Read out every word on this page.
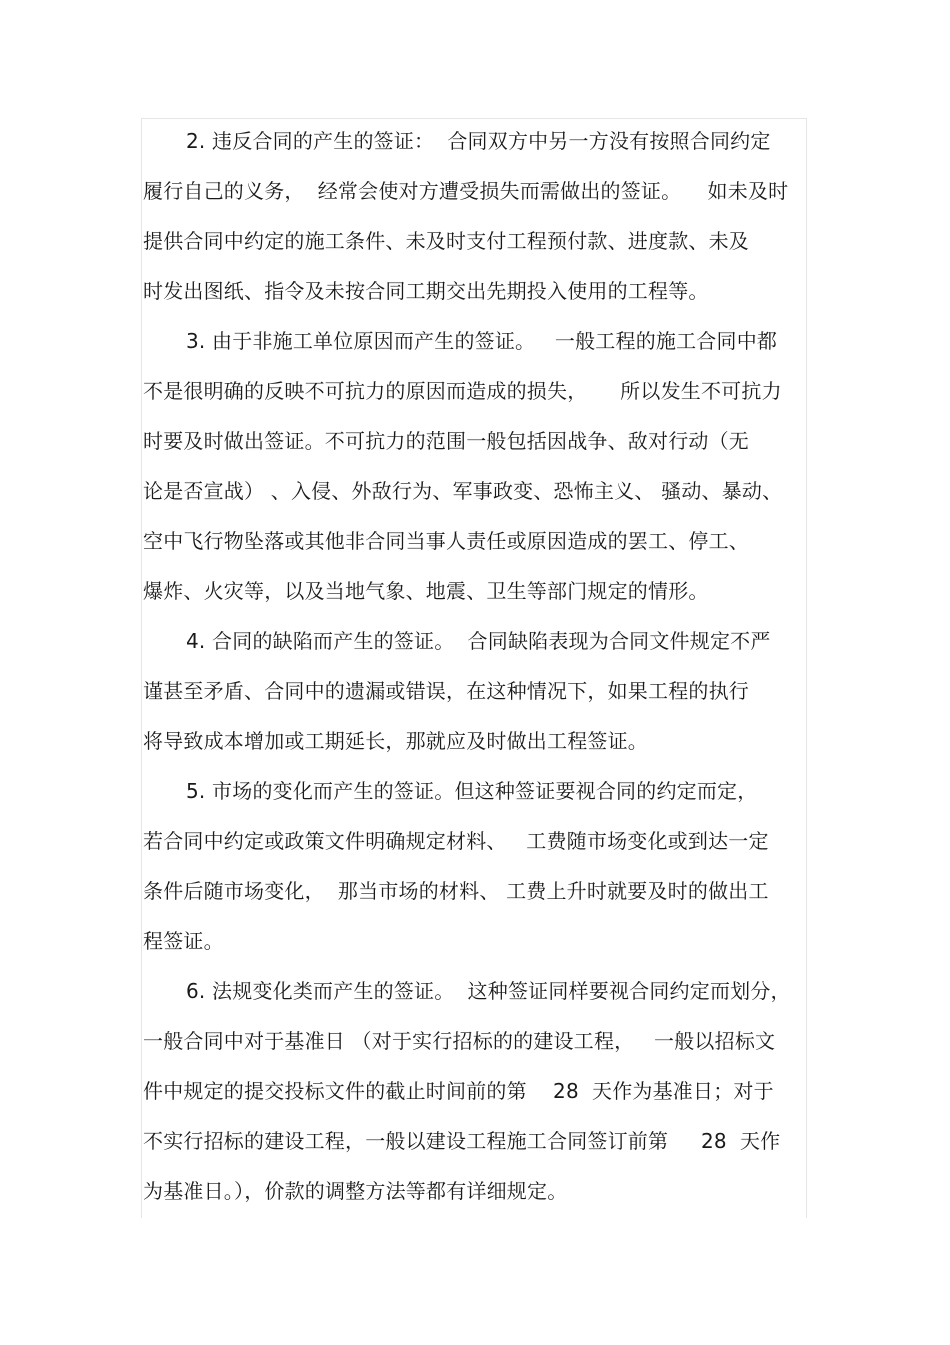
2. 违反合同的产生的签证：  合同双方中另一方没有按照合同约定
履行自己的义务，  经常会使对方遭受损失而需做出的签证。    如未及时
提供合同中约定的施工条件、未及时支付工程预付款、进度款、未及
时发出图纸、指令及未按合同工期交出先期投入使用的工程等。
3. 由于非施工单位原因而产生的签证。   一般工程的施工合同中都
不是很明确的反映不可抗力的原因而造成的损失，     所以发生不可抗力
时要及时做出签证。不可抗力的范围一般包括因战争、敌对行动（无
论是否宣战） 、入侵、外敌行为、军事政变、恐怖主义、 骚动、暴动、
空中飞行物坠落或其他非合同当事人责任或原因造成的罢工、停工、
爆炸、火灾等，以及当地气象、地震、卫生等部门规定的情形。
4. 合同的缺陷而产生的签证。  合同缺陷表现为合同文件规定不严
谨甚至矛盾、合同中的遗漏或错误，在这种情况下，如果工程的执行
将导致成本增加或工期延长，那就应及时做出工程签证。
5. 市场的变化而产生的签证。但这种签证要视合同的约定而定，
若合同中约定或政策文件明确规定材料、   工费随市场变化或到达一定
条件后随市场变化，  那当市场的材料、 工费上升时就要及时的做出工
程签证。
6. 法规变化类而产生的签证。  这种签证同样要视合同约定而划分，
一般合同中对于基准日 （对于实行招标的的建设工程，   一般以招标文
件中规定的提交投标文件的截止时间前的第    28  天作为基准日；对于
不实行招标的建设工程，一般以建设工程施工合同签订前第     28  天作
为基准日。），价款的调整方法等都有详细规定。
